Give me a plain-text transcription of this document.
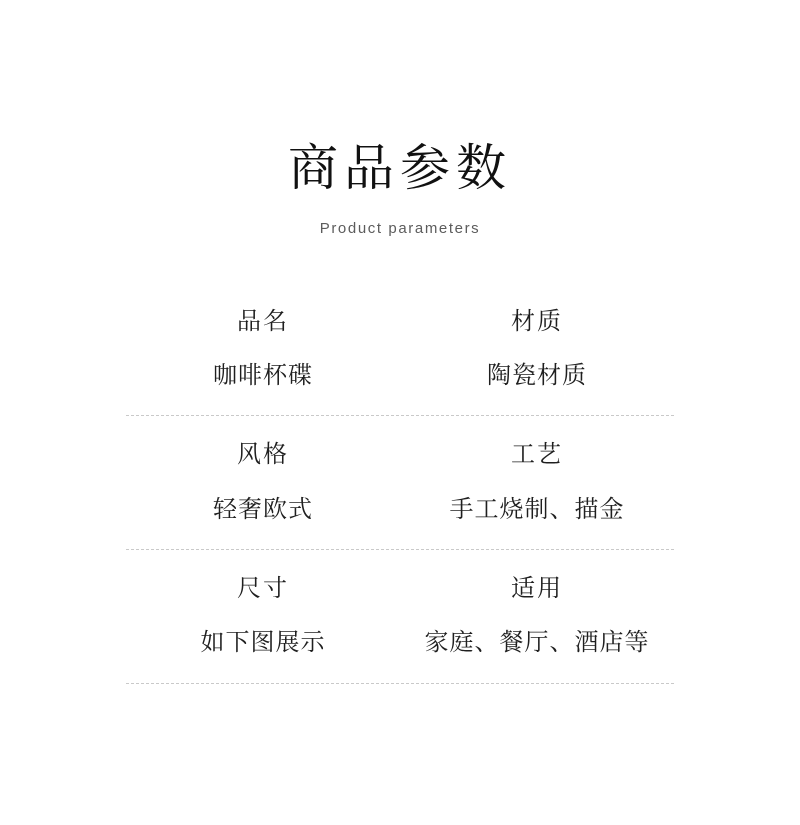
商品参数
Product parameters
品名
咖啡杯碟
材质
陶瓷材质
风格
轻奢欧式
工艺
手工烧制、描金
尺寸
如下图展示
适用
家庭、餐厅、酒店等
